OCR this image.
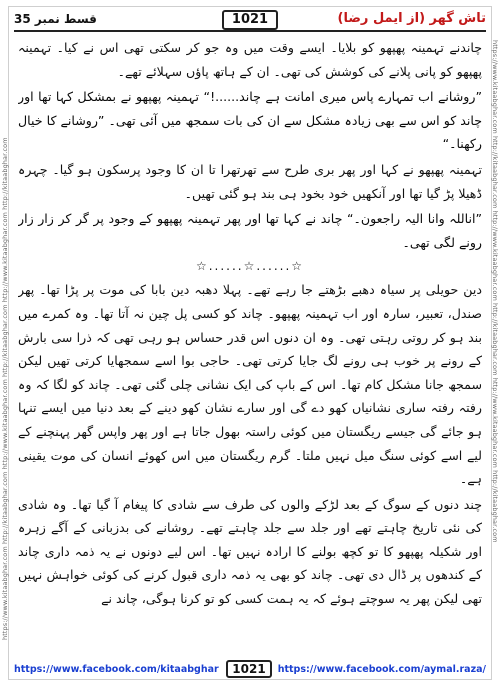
https://www.kitaabghar.com http://kitaabghar.com http://www.kitaabghar.com http://kitaabghar.com http://www.kitaabghar.com http://kitaabghar.com	https://www.kitaabghar.com http://kitaabghar.com http://www.kitaabghar.com http://kitaabghar.com http://www.kitaabghar.com http://kitaabghar.com
قسط نمبر 35	1021	تاش گھر (از ایمل رضا)

چاندنے تہمینہ پھپھو کو بلایا۔ ایسے وقت میں وہ جو کر سکتی تھی اس نے کیا۔ تہمینہ پھپھو کو پانی پلانے کی کوشش کی تھی۔ ان کے ہاتھ پاؤں سہلائے تھے۔

”روشانے اب تمہارے پاس میری امانت ہے چاند......!“ تہمینہ پھپھو نے بمشکل کہا تھا اور چاند کو اس سے بھی زیادہ مشکل سے ان کی بات سمجھ میں آئی تھی۔ ”روشانے کا خیال رکھنا۔“

تہمینہ پھپھو نے کہا اور پھر بری طرح سے تھرتھرا تا ان کا وجود پرسکون ہو گیا۔ چہرہ ڈھیلا پڑ گیا تھا اور آنکھیں خود بخود ہی بند ہو گئی تھیں۔

”اناللہ وانا الیہ راجعون۔“ چاند نے کہا تھا اور پھر تہمینہ پھپھو کے وجود پر گر کر زار زار رونے لگی تھی۔

☆......☆......☆

دین حویلی پر سیاہ دھبے بڑھتے جا رہے تھے۔ پہلا دھبہ دین بابا کی موت پر پڑا تھا۔ پھر صندل، تعبیر، سارہ اور اب تہمینہ پھپھو۔ چاند کو کسی پل چین نہ آتا تھا۔ وہ کمرے میں بند ہو کر روتی رہتی تھی۔ وہ ان دنوں اس قدر حساس ہو رہی تھی کہ ذرا سی بارش کے رونے پر خوب ہی رونے لگ جایا کرتی تھی۔ حاجی بوا اسے سمجھایا کرتی تھیں لیکن سمجھ جانا مشکل کام تھا۔ اس کے باپ کی ایک نشانی چلی گئی تھی۔ چاند کو لگا کہ وہ رفتہ رفتہ ساری نشانیاں کھو دے گی اور سارے نشان کھو دینے کے بعد دنیا میں ایسے تنہا ہو جائے گی جیسے ریگستان میں کوئی راستہ بھول جاتا ہے اور پھر واپس گھر پہنچنے کے لیے اسے کوئی سنگ میل نہیں ملتا۔ گرم ریگستان میں اس کھوئے انسان کی موت یقینی ہے۔

چند دنوں کے سوگ کے بعد لڑکے والوں کی طرف سے شادی کا پیغام آ گیا تھا۔ وہ شادی کی نئی تاریخ چاہتے تھے اور جلد سے جلد چاہتے تھے۔ روشانے کی بدزبانی کے آگے زہرہ اور شکیلہ پھپھو کا تو کچھ بولنے کا ارادہ نہیں تھا۔ اس لیے دونوں نے یہ ذمہ داری چاند کے کندھوں پر ڈال دی تھی۔ چاند کو بھی یہ ذمہ داری قبول کرنے کی کوئی خواہش نہیں تھی لیکن پھر یہ سوچتے ہوئے کہ یہ ہمت کسی کو تو کرنا ہوگی، چاند نے

https://www.facebook.com/kitaabghar	1021	https://www.facebook.com/aymal.raza/
